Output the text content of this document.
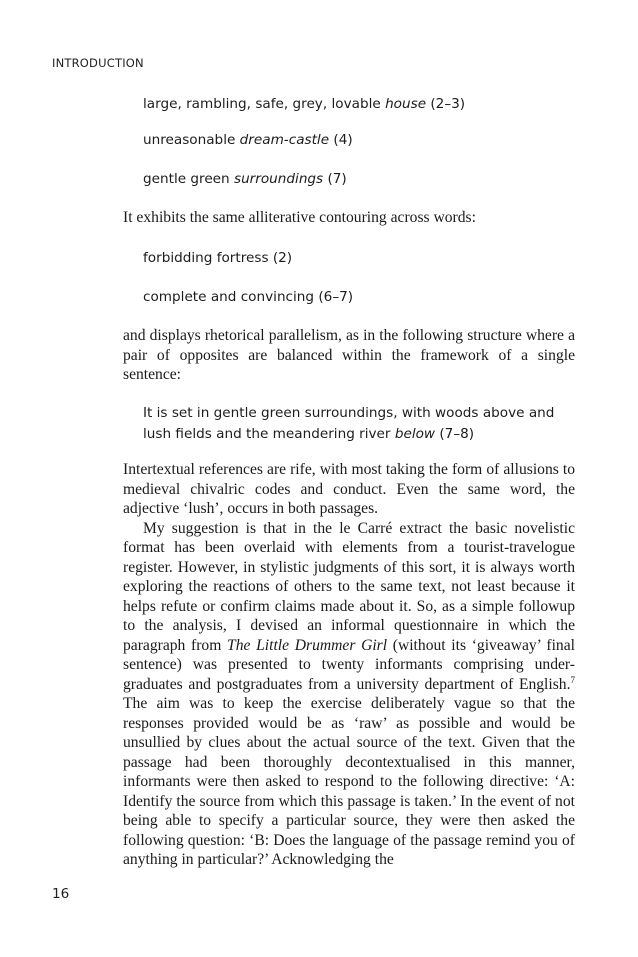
INTRODUCTION
large, rambling, safe, grey, lovable house (2–3)
unreasonable dream-castle (4)
gentle green surroundings (7)
It exhibits the same alliterative contouring across words:
forbidding fortress (2)
complete and convincing (6–7)
and displays rhetorical parallelism, as in the following structure where a pair of opposites are balanced within the framework of a single sentence:
It is set in gentle green surroundings, with woods above and lush fields and the meandering river below (7–8)

Intertextual references are rife, with most taking the form of allusions to medieval chivalric codes and conduct. Even the same word, the adjective ‘lush’, occurs in both passages.

My suggestion is that in the le Carré extract the basic novelistic format has been overlaid with elements from a tourist-travelogue register. However, in stylistic judgments of this sort, it is always worth exploring the reactions of others to the same text, not least because it helps refute or confirm claims made about it. So, as a simple followup to the analysis, I devised an informal questionnaire in which the paragraph from The Little Drummer Girl (without its ‘giveaway’ final sentence) was presented to twenty informants comprising under-graduates and postgraduates from a university department of English.$^7$ The aim was to keep the exercise deliberately vague so that the responses provided would be as ‘raw’ as possible and would be unsullied by clues about the actual source of the text. Given that the passage had been thoroughly decontextualised in this manner, informants were then asked to respond to the following directive: ‘A: Identify the source from which this passage is taken.’ In the event of not being able to specify a particular source, they were then asked the following question: ‘B: Does the language of the passage remind you of anything in particular?’ Acknowledging the

16
